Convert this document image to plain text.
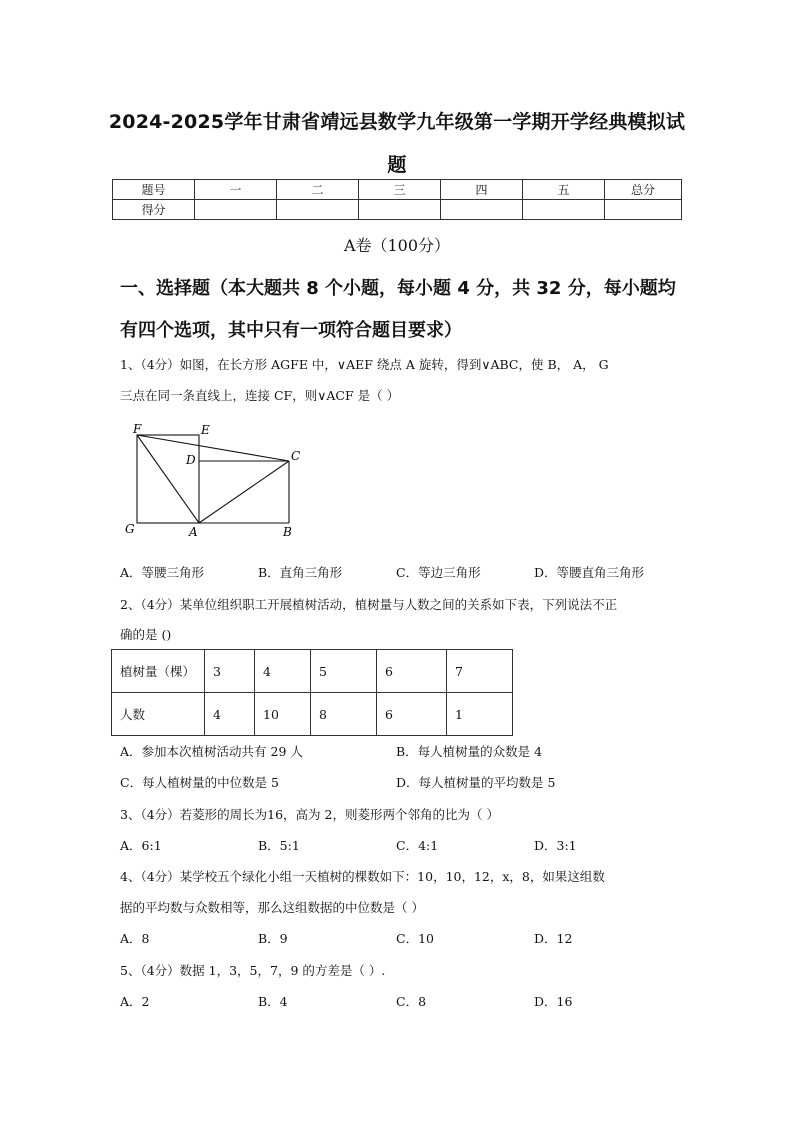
2024-2025学年甘肃省靖远县数学九年级第一学期开学经典模拟试
题
题号	一	二	三	四	五	总分
得分						
A卷（100分）
一、选择题（本大题共 8 个小题，每小题 4 分，共 32 分，每小题均
有四个选项，其中只有一项符合题目要求）
1、（4分）如图，在长方形 AGFE 中，∨AEF 绕点 A 旋转，得到∨ABC，使 B， A， G
三点在同一条直线上，连接 CF，则∨ACF 是（ ）
F	E
D	C
G	A	B
A．等腰三角形	B．直角三角形	C．等边三角形	D．等腰直角三角形
2、（4分）某单位组织职工开展植树活动，植树量与人数之间的关系如下表，下列说法不正
确的是 ()
植树量（棵）	3	4	5	6	7
人数	4	10	8	6	1
A．参加本次植树活动共有 29 人	B．每人植树量的众数是 4
C．每人植树量的中位数是 5	D．每人植树量的平均数是 5
3、（4分）若菱形的周长为16，高为 2，则菱形两个邻角的比为（ ）
A．6:1	B．5:1	C．4:1	D．3:1
4、（4分）某学校五个绿化小组一天植树的棵数如下：10，10，12，x，8，如果这组数
据的平均数与众数相等，那么这组数据的中位数是（ ）
A．8	B．9	C．10	D．12
5、（4分）数据 1，3，5，7，9 的方差是（ ）.
A．2	B．4	C．8	D．16
